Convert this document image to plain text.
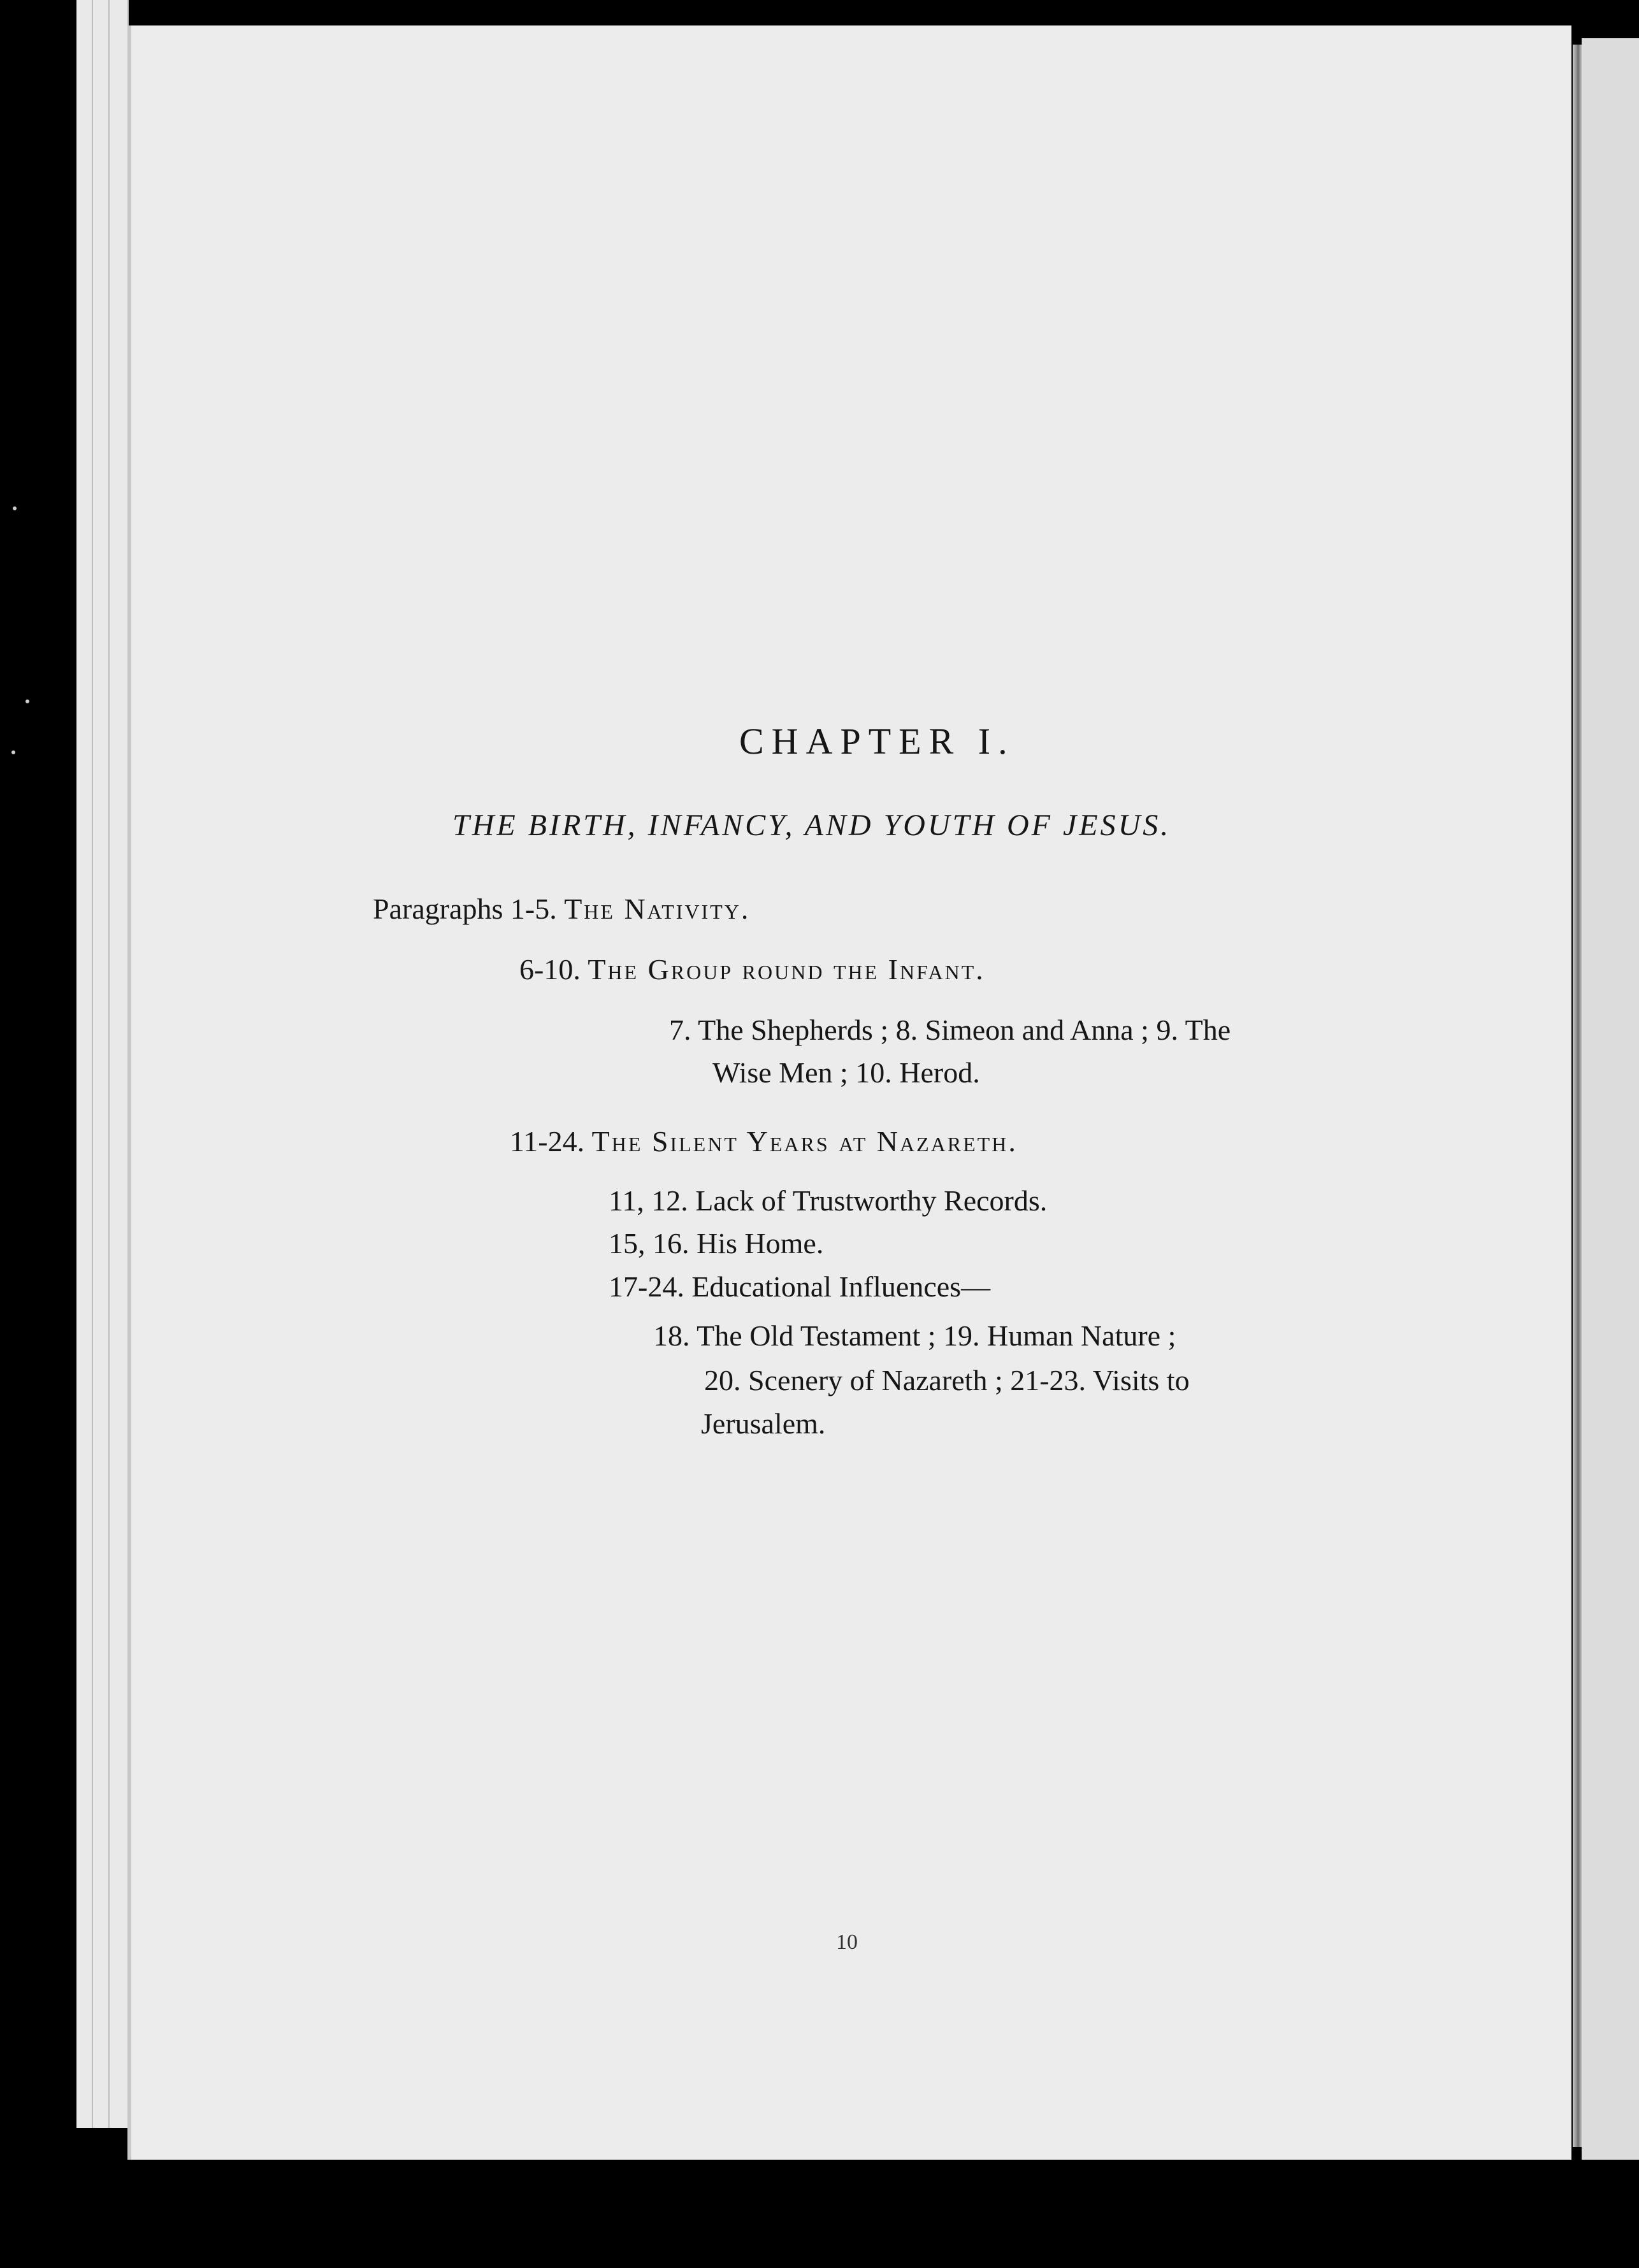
CHAPTER I.
THE BIRTH, INFANCY, AND YOUTH OF JESUS.
Paragraphs 1-5. The Nativity.
6-10. The Group round the Infant.
7. The Shepherds ; 8. Simeon and Anna ; 9. The
Wise Men ; 10. Herod.
11-24. The Silent Years at Nazareth.
11, 12. Lack of Trustworthy Records.
15, 16. His Home.
17-24. Educational Influences—
18. The Old Testament ; 19. Human Nature ;
20. Scenery of Nazareth ; 21-23. Visits to
Jerusalem.
10
